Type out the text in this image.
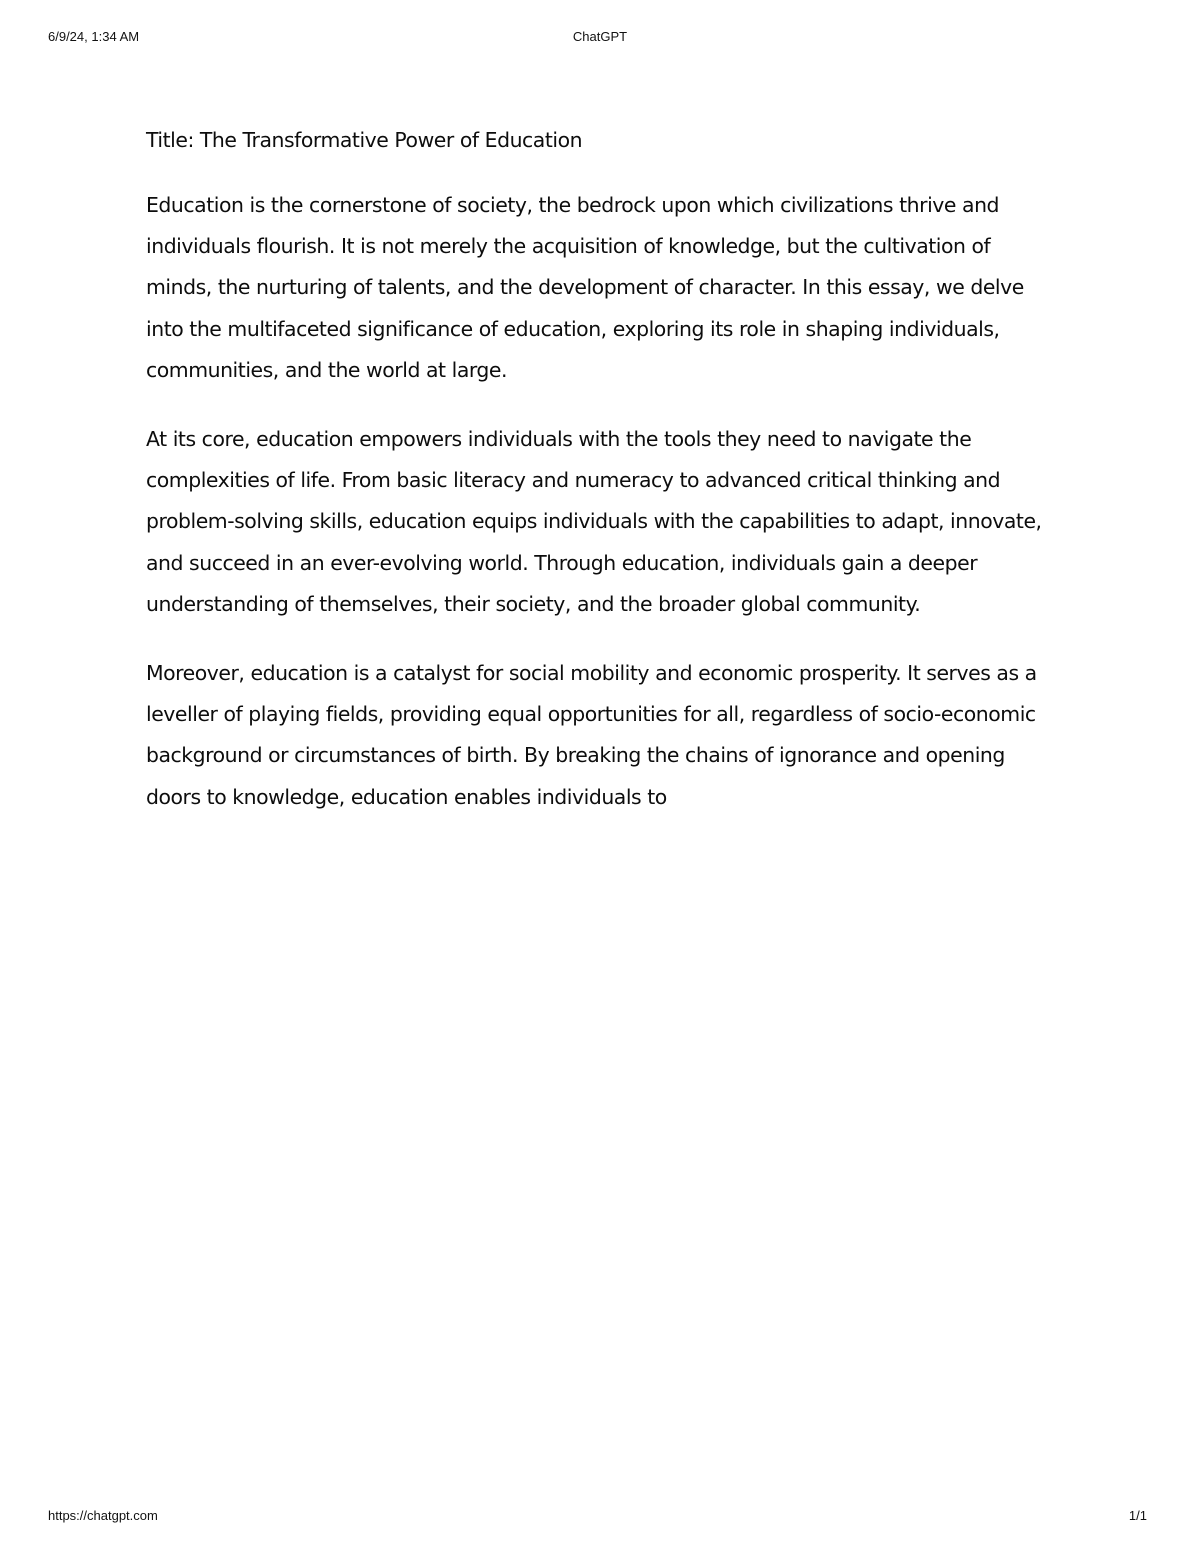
6/9/24, 1:34 AM	ChatGPT
Title: The Transformative Power of Education

Education is the cornerstone of society, the bedrock upon which civilizations thrive and individuals flourish. It is not merely the acquisition of knowledge, but the cultivation of minds, the nurturing of talents, and the development of character. In this essay, we delve into the multifaceted significance of education, exploring its role in shaping individuals, communities, and the world at large.

At its core, education empowers individuals with the tools they need to navigate the complexities of life. From basic literacy and numeracy to advanced critical thinking and problem-solving skills, education equips individuals with the capabilities to adapt, innovate, and succeed in an ever-evolving world. Through education, individuals gain a deeper understanding of themselves, their society, and the broader global community.

Moreover, education is a catalyst for social mobility and economic prosperity. It serves as a leveller of playing fields, providing equal opportunities for all, regardless of socio-economic background or circumstances of birth. By breaking the chains of ignorance and opening doors to knowledge, education enables individuals to

https://chatgpt.com	1/1
